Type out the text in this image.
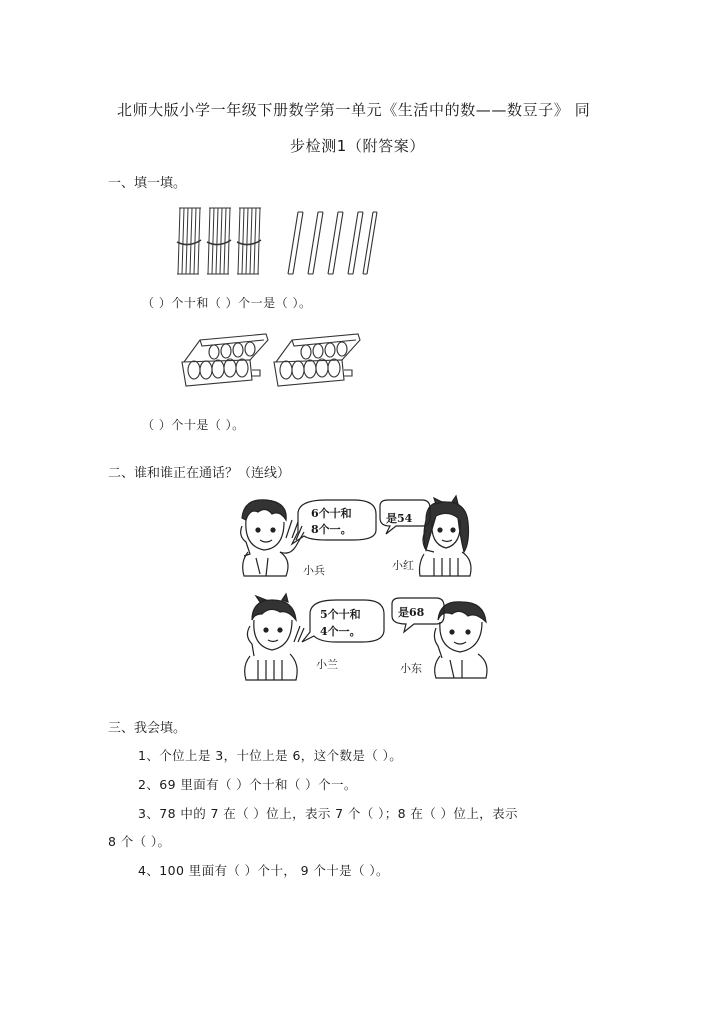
北师大版小学一年级下册数学第一单元《生活中的数——数豆子》 同
步检测1（附答案）
一、填一填。
（ ）个十和（ ）个一是（ ）。
（ ）个十是（ ）。
二、谁和谁正在通话？（连线）
6个十和
8个一。
小兵
是54
小红
5个十和
4个一。
小兰
是68
小东
三、我会填。
1、个位上是 3，十位上是 6，这个数是（ ）。
2、69 里面有（ ）个十和（ ）个一。
3、78 中的 7 在（ ）位上，表示 7 个（ ）；8 在（ ）位上，表示
8 个（ ）。
4、100 里面有（ ）个十， 9 个十是（ ）。
